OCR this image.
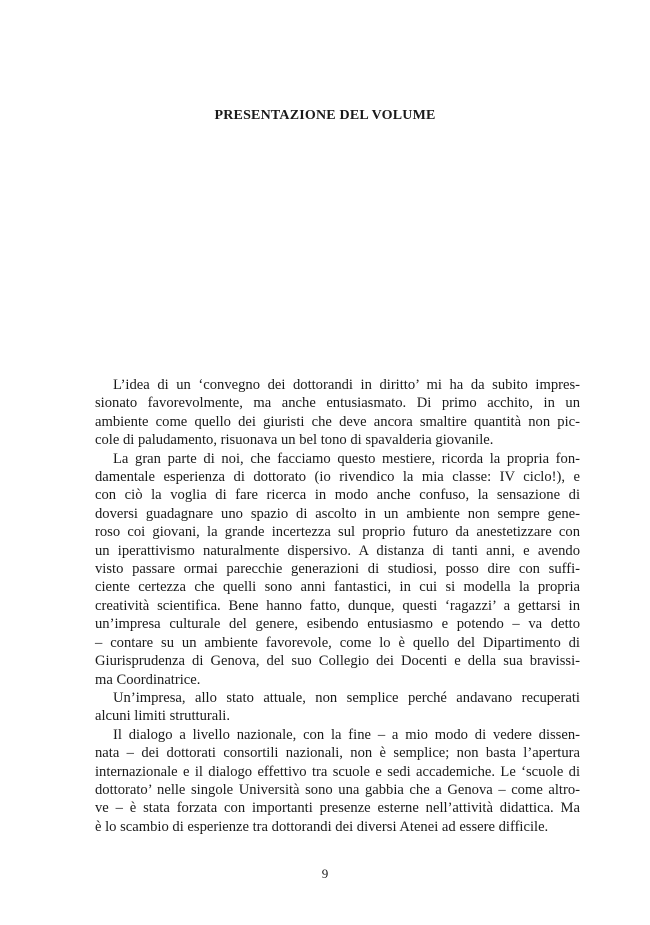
PRESENTAZIONE DEL VOLUME
L’idea di un ‘convegno dei dottorandi in diritto’ mi ha da subito impres-
sionato favorevolmente, ma anche entusiasmato. Di primo acchito, in un
ambiente come quello dei giuristi che deve ancora smaltire quantità non pic-
cole di paludamento, risuonava un bel tono di spavalderia giovanile.
La gran parte di noi, che facciamo questo mestiere, ricorda la propria fon-
damentale esperienza di dottorato (io rivendico la mia classe: IV ciclo!), e
con ciò la voglia di fare ricerca in modo anche confuso, la sensazione di
doversi guadagnare uno spazio di ascolto in un ambiente non sempre gene-
roso coi giovani, la grande incertezza sul proprio futuro da anestetizzare con
un iperattivismo naturalmente dispersivo. A distanza di tanti anni, e avendo
visto passare ormai parecchie generazioni di studiosi, posso dire con suffi-
ciente certezza che quelli sono anni fantastici, in cui si modella la propria
creatività scientifica. Bene hanno fatto, dunque, questi ‘ragazzi’ a gettarsi in
un’impresa culturale del genere, esibendo entusiasmo e potendo – va detto
– contare su un ambiente favorevole, come lo è quello del Dipartimento di
Giurisprudenza di Genova, del suo Collegio dei Docenti e della sua bravissi-
ma Coordinatrice.
Un’impresa, allo stato attuale, non semplice perché andavano recuperati
alcuni limiti strutturali.
Il dialogo a livello nazionale, con la fine – a mio modo di vedere dissen-
nata – dei dottorati consortili nazionali, non è semplice; non basta l’apertura
internazionale e il dialogo effettivo tra scuole e sedi accademiche. Le ‘scuole di
dottorato’ nelle singole Università sono una gabbia che a Genova – come altro-
ve – è stata forzata con importanti presenze esterne nell’attività didattica. Ma
è lo scambio di esperienze tra dottorandi dei diversi Atenei ad essere difficile.
9
